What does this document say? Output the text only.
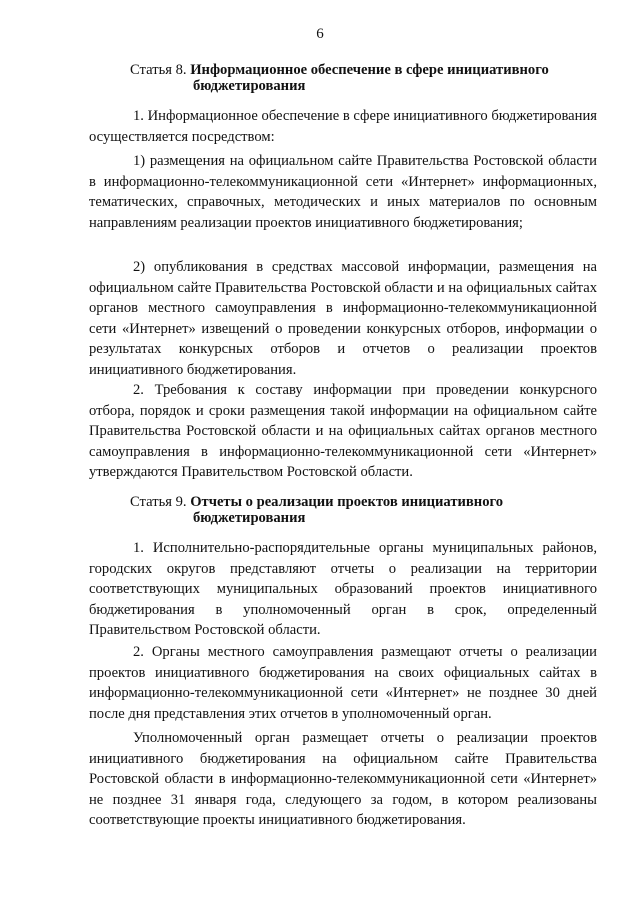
6
Статья 8. Информационное обеспечение в сфере инициативного
бюджетирования

1. Информационное обеспечение в сфере инициативного бюджетирования осуществляется посредством:

1) размещения на официальном сайте Правительства Ростовской области в информационно-телекоммуникационной сети «Интернет» информационных, тематических, справочных, методических и иных материалов по основным направлениям реализации проектов инициативного бюджетирования;

2) опубликования в средствах массовой информации, размещения на официальном сайте Правительства Ростовской области и на официальных сайтах органов местного самоуправления в информационно-телекоммуникационной сети «Интернет» извещений о проведении конкурсных отборов, информации о результатах конкурсных отборов и отчетов о реализации проектов инициативного бюджетирования.

2. Требования к составу информации при проведении конкурсного отбора, порядок и сроки размещения такой информации на официальном сайте Правительства Ростовской области и на официальных сайтах органов местного самоуправления в информационно-телекоммуникационной сети «Интернет» утверждаются Правительством Ростовской области.

Статья 9. Отчеты о реализации проектов инициативного
бюджетирования

1. Исполнительно-распорядительные органы муниципальных районов, городских округов представляют отчеты о реализации на территории соответствующих муниципальных образований проектов инициативного бюджетирования в уполномоченный орган в срок, определенный Правительством Ростовской области.

2. Органы местного самоуправления размещают отчеты о реализации проектов инициативного бюджетирования на своих официальных сайтах в информационно-телекоммуникационной сети «Интернет» не позднее 30 дней после дня представления этих отчетов в уполномоченный орган.

Уполномоченный орган размещает отчеты о реализации проектов инициативного бюджетирования на официальном сайте Правительства Ростовской области в информационно-телекоммуникационной сети «Интернет» не позднее 31 января года, следующего за годом, в котором реализованы соответствующие проекты инициативного бюджетирования.
